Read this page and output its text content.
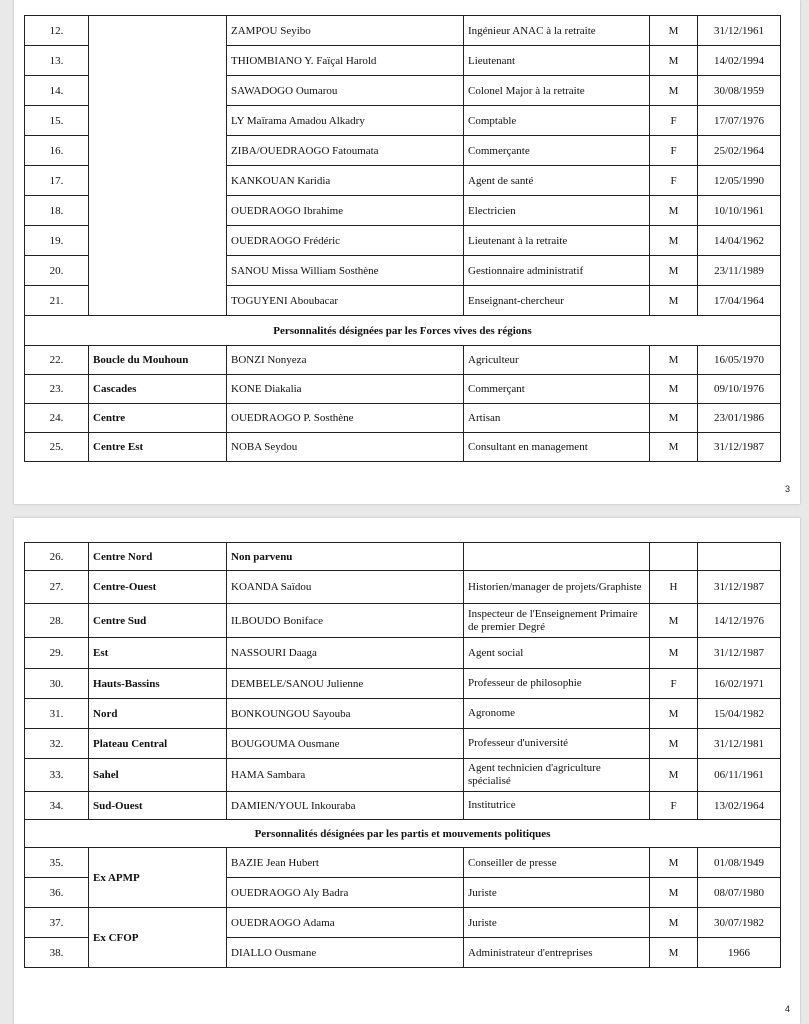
12.		ZAMPOU Seyibo	Ingénieur ANAC à la retraite	M	31/12/1961
13.		THIOMBIANO Y. Faïçal Harold	Lieutenant	M	14/02/1994
14.		SAWADOGO Oumarou	Colonel Major à la retraite	M	30/08/1959
15.		LY Maïrama Amadou Alkadry	Comptable	F	17/07/1976
16.		ZIBA/OUEDRAOGO Fatoumata	Commerçante	F	25/02/1964
17.		KANKOUAN Karidia	Agent de santé	F	12/05/1990
18.		OUEDRAOGO Ibrahime	Electricien	M	10/10/1961
19.		OUEDRAOGO Frédéric	Lieutenant à la retraite	M	14/04/1962
20.		SANOU Missa William Sosthène	Gestionnaire administratif	M	23/11/1989
21.		TOGUYENI Aboubacar	Enseignant-chercheur	M	17/04/1964
Personnalités désignées par les Forces vives des régions					
22.	Boucle du Mouhoun	BONZI Nonyeza	Agriculteur	M	16/05/1970
23.	Cascades	KONE Diakalia	Commerçant	M	09/10/1976
24.	Centre	OUEDRAOGO P. Sosthène	Artisan	M	23/01/1986
25.	Centre Est	NOBA Seydou	Consultant en management	M	31/12/1987
3
26.	Centre Nord	Non parvenu			
27.	Centre-Ouest	KOANDA Saïdou	Historien/manager de projets/Graphiste	H	31/12/1987
28.	Centre Sud	ILBOUDO Boniface	Inspecteur de l'Enseignement Primaire de premier Degré	M	14/12/1976
29.	Est	NASSOURI Daaga	Agent social	M	31/12/1987
30.	Hauts-Bassins	DEMBELE/SANOU Julienne	Professeur de philosophie	F	16/02/1971
31.	Nord	BONKOUNGOU Sayouba	Agronome	M	15/04/1982
32.	Plateau Central	BOUGOUMA Ousmane	Professeur d'université	M	31/12/1981
33.	Sahel	HAMA Sambara	Agent technicien d'agriculture spécialisé	M	06/11/1961
34.	Sud-Ouest	DAMIEN/YOUL Inkouraba	Institutrice	F	13/02/1964
Personnalités désignées par les partis et mouvements politiques					
35.	Ex APMP	BAZIE Jean Hubert	Conseiller de presse	M	01/08/1949
36.		OUEDRAOGO Aly Badra	Juriste	M	08/07/1980
37.	Ex CFOP	OUEDRAOGO Adama	Juriste	M	30/07/1982
38.		DIALLO Ousmane	Administrateur d'entreprises	M	1966
4
